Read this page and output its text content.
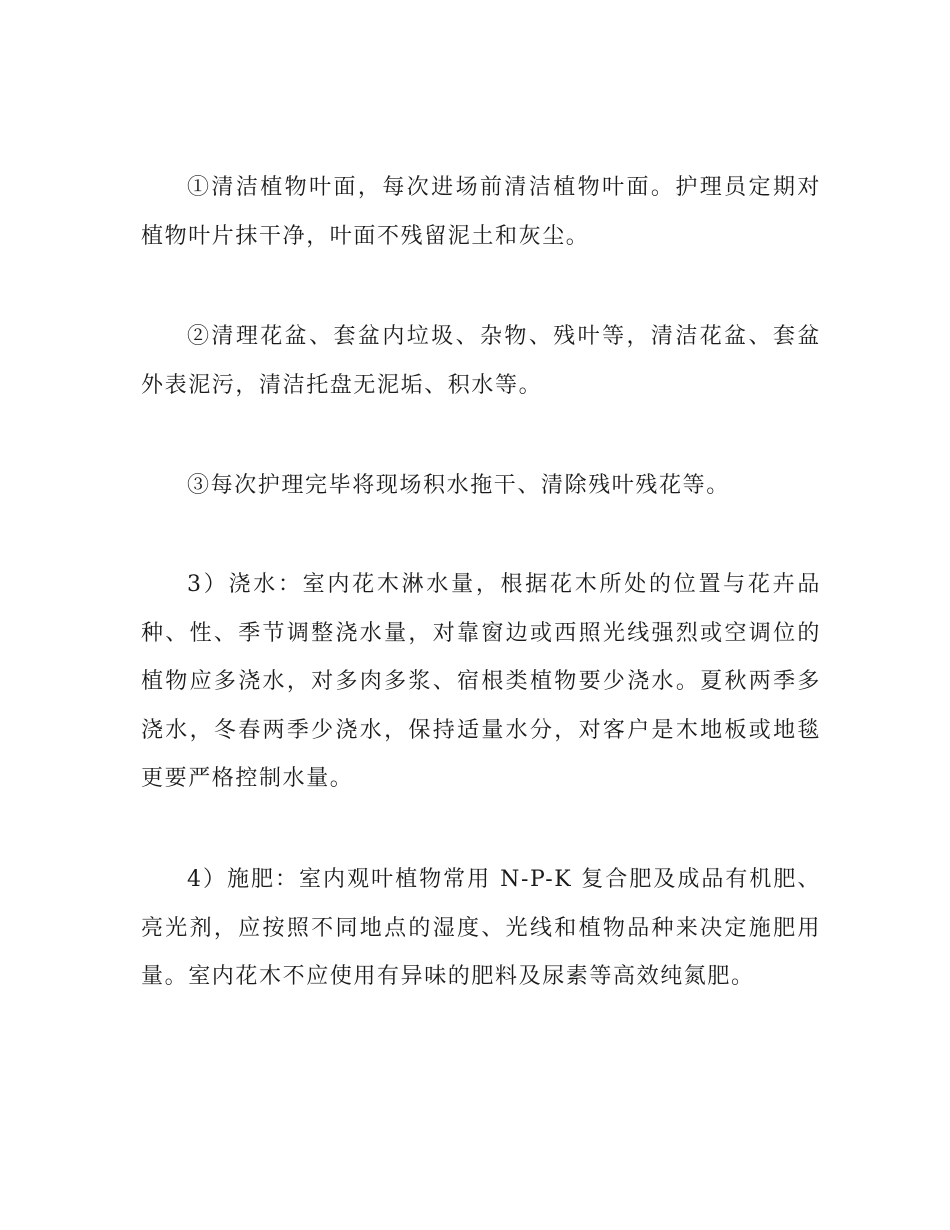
①清洁植物叶面，每次进场前清洁植物叶面。护理员定期对植物叶片抹干净，叶面不残留泥土和灰尘。

②清理花盆、套盆内垃圾、杂物、残叶等，清洁花盆、套盆外表泥污，清洁托盘无泥垢、积水等。

③每次护理完毕将现场积水拖干、清除残叶残花等。

3）浇水：室内花木淋水量，根据花木所处的位置与花卉品种、性、季节调整浇水量，对靠窗边或西照光线强烈或空调位的植物应多浇水，对多肉多浆、宿根类植物要少浇水。夏秋两季多浇水，冬春两季少浇水，保持适量水分，对客户是木地板或地毯更要严格控制水量。

4）施肥：室内观叶植物常用 N-P-K 复合肥及成品有机肥、亮光剂，应按照不同地点的湿度、光线和植物品种来决定施肥用量。室内花木不应使用有异味的肥料及尿素等高效纯氮肥。
